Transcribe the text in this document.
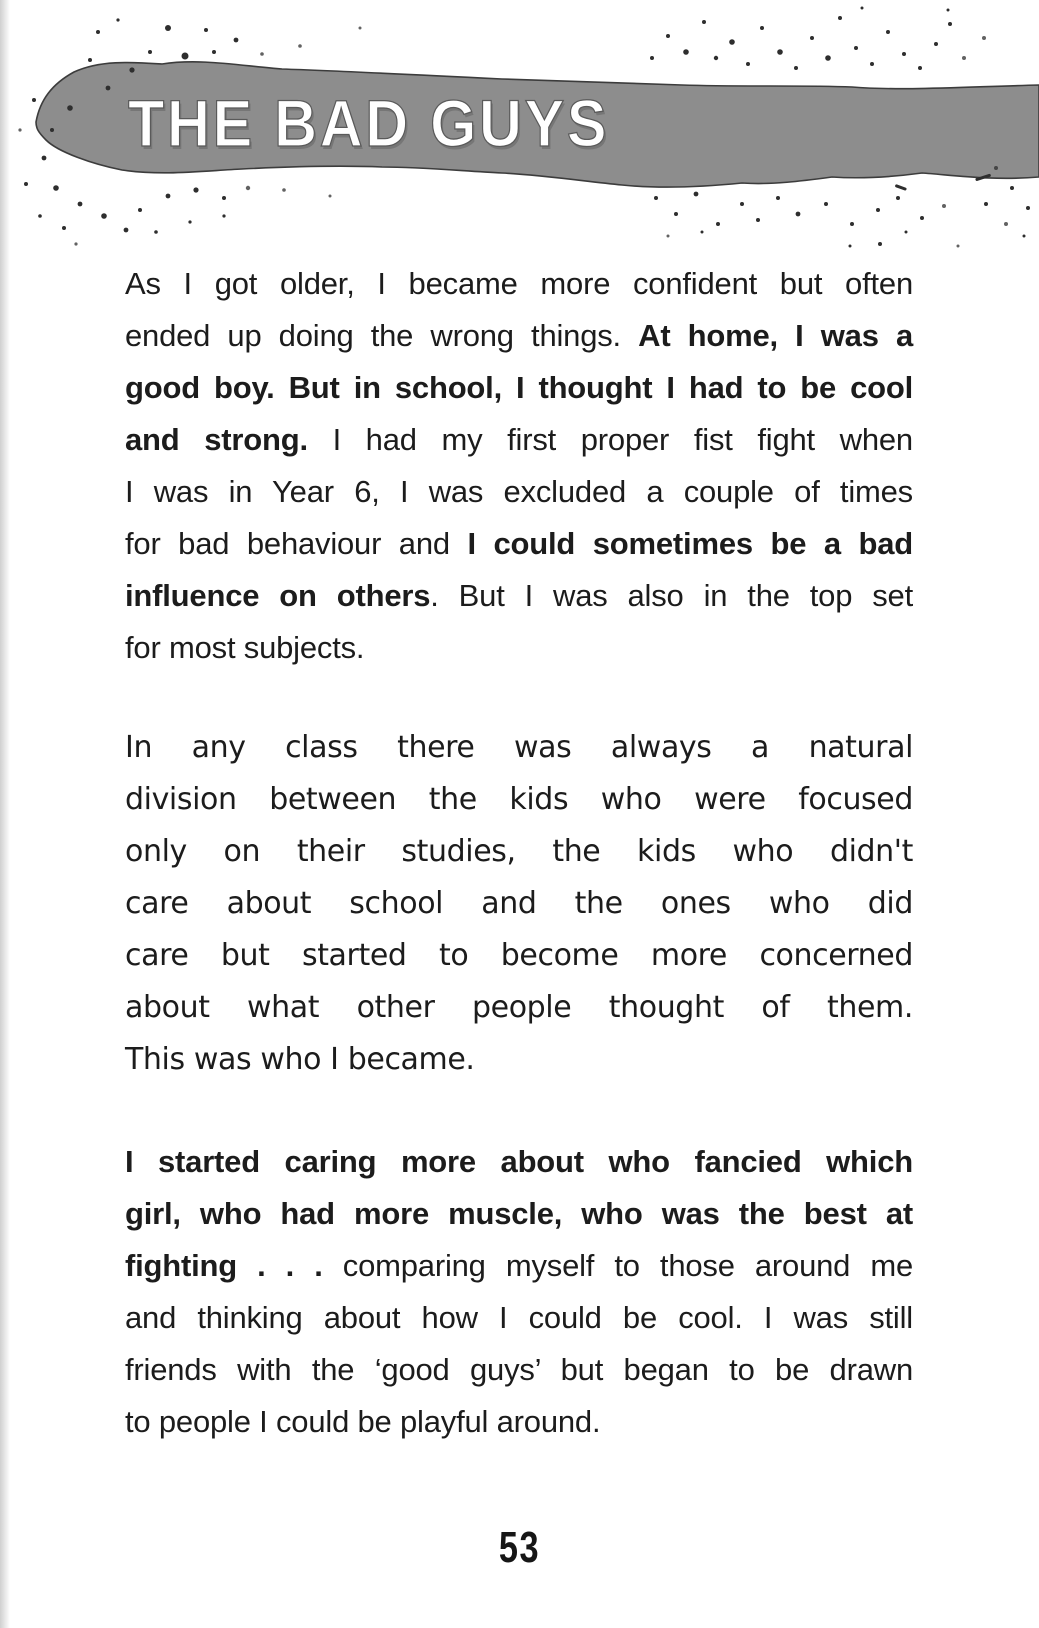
THE BAD GUYS
As I got older, I became more confident but often
ended up doing the wrong things. At home, I was a
good boy. But in school, I thought I had to be cool
and strong. I had my first proper fist fight when
I was in Year 6, I was excluded a couple of times
for bad behaviour and I could sometimes be a bad
influence on others. But I was also in the top set
for most subjects.
In any class there was always a natural
division between the kids who were focused
only on their studies, the kids who didn't
care about school and the ones who did
care but started to become more concerned
about what other people thought of them.
This was who I became.
I started caring more about who fancied which
girl, who had more muscle, who was the best at
fighting . . . comparing myself to those around me
and thinking about how I could be cool. I was still
friends with the ‘good guys’ but began to be drawn
to people I could be playful around.

53
